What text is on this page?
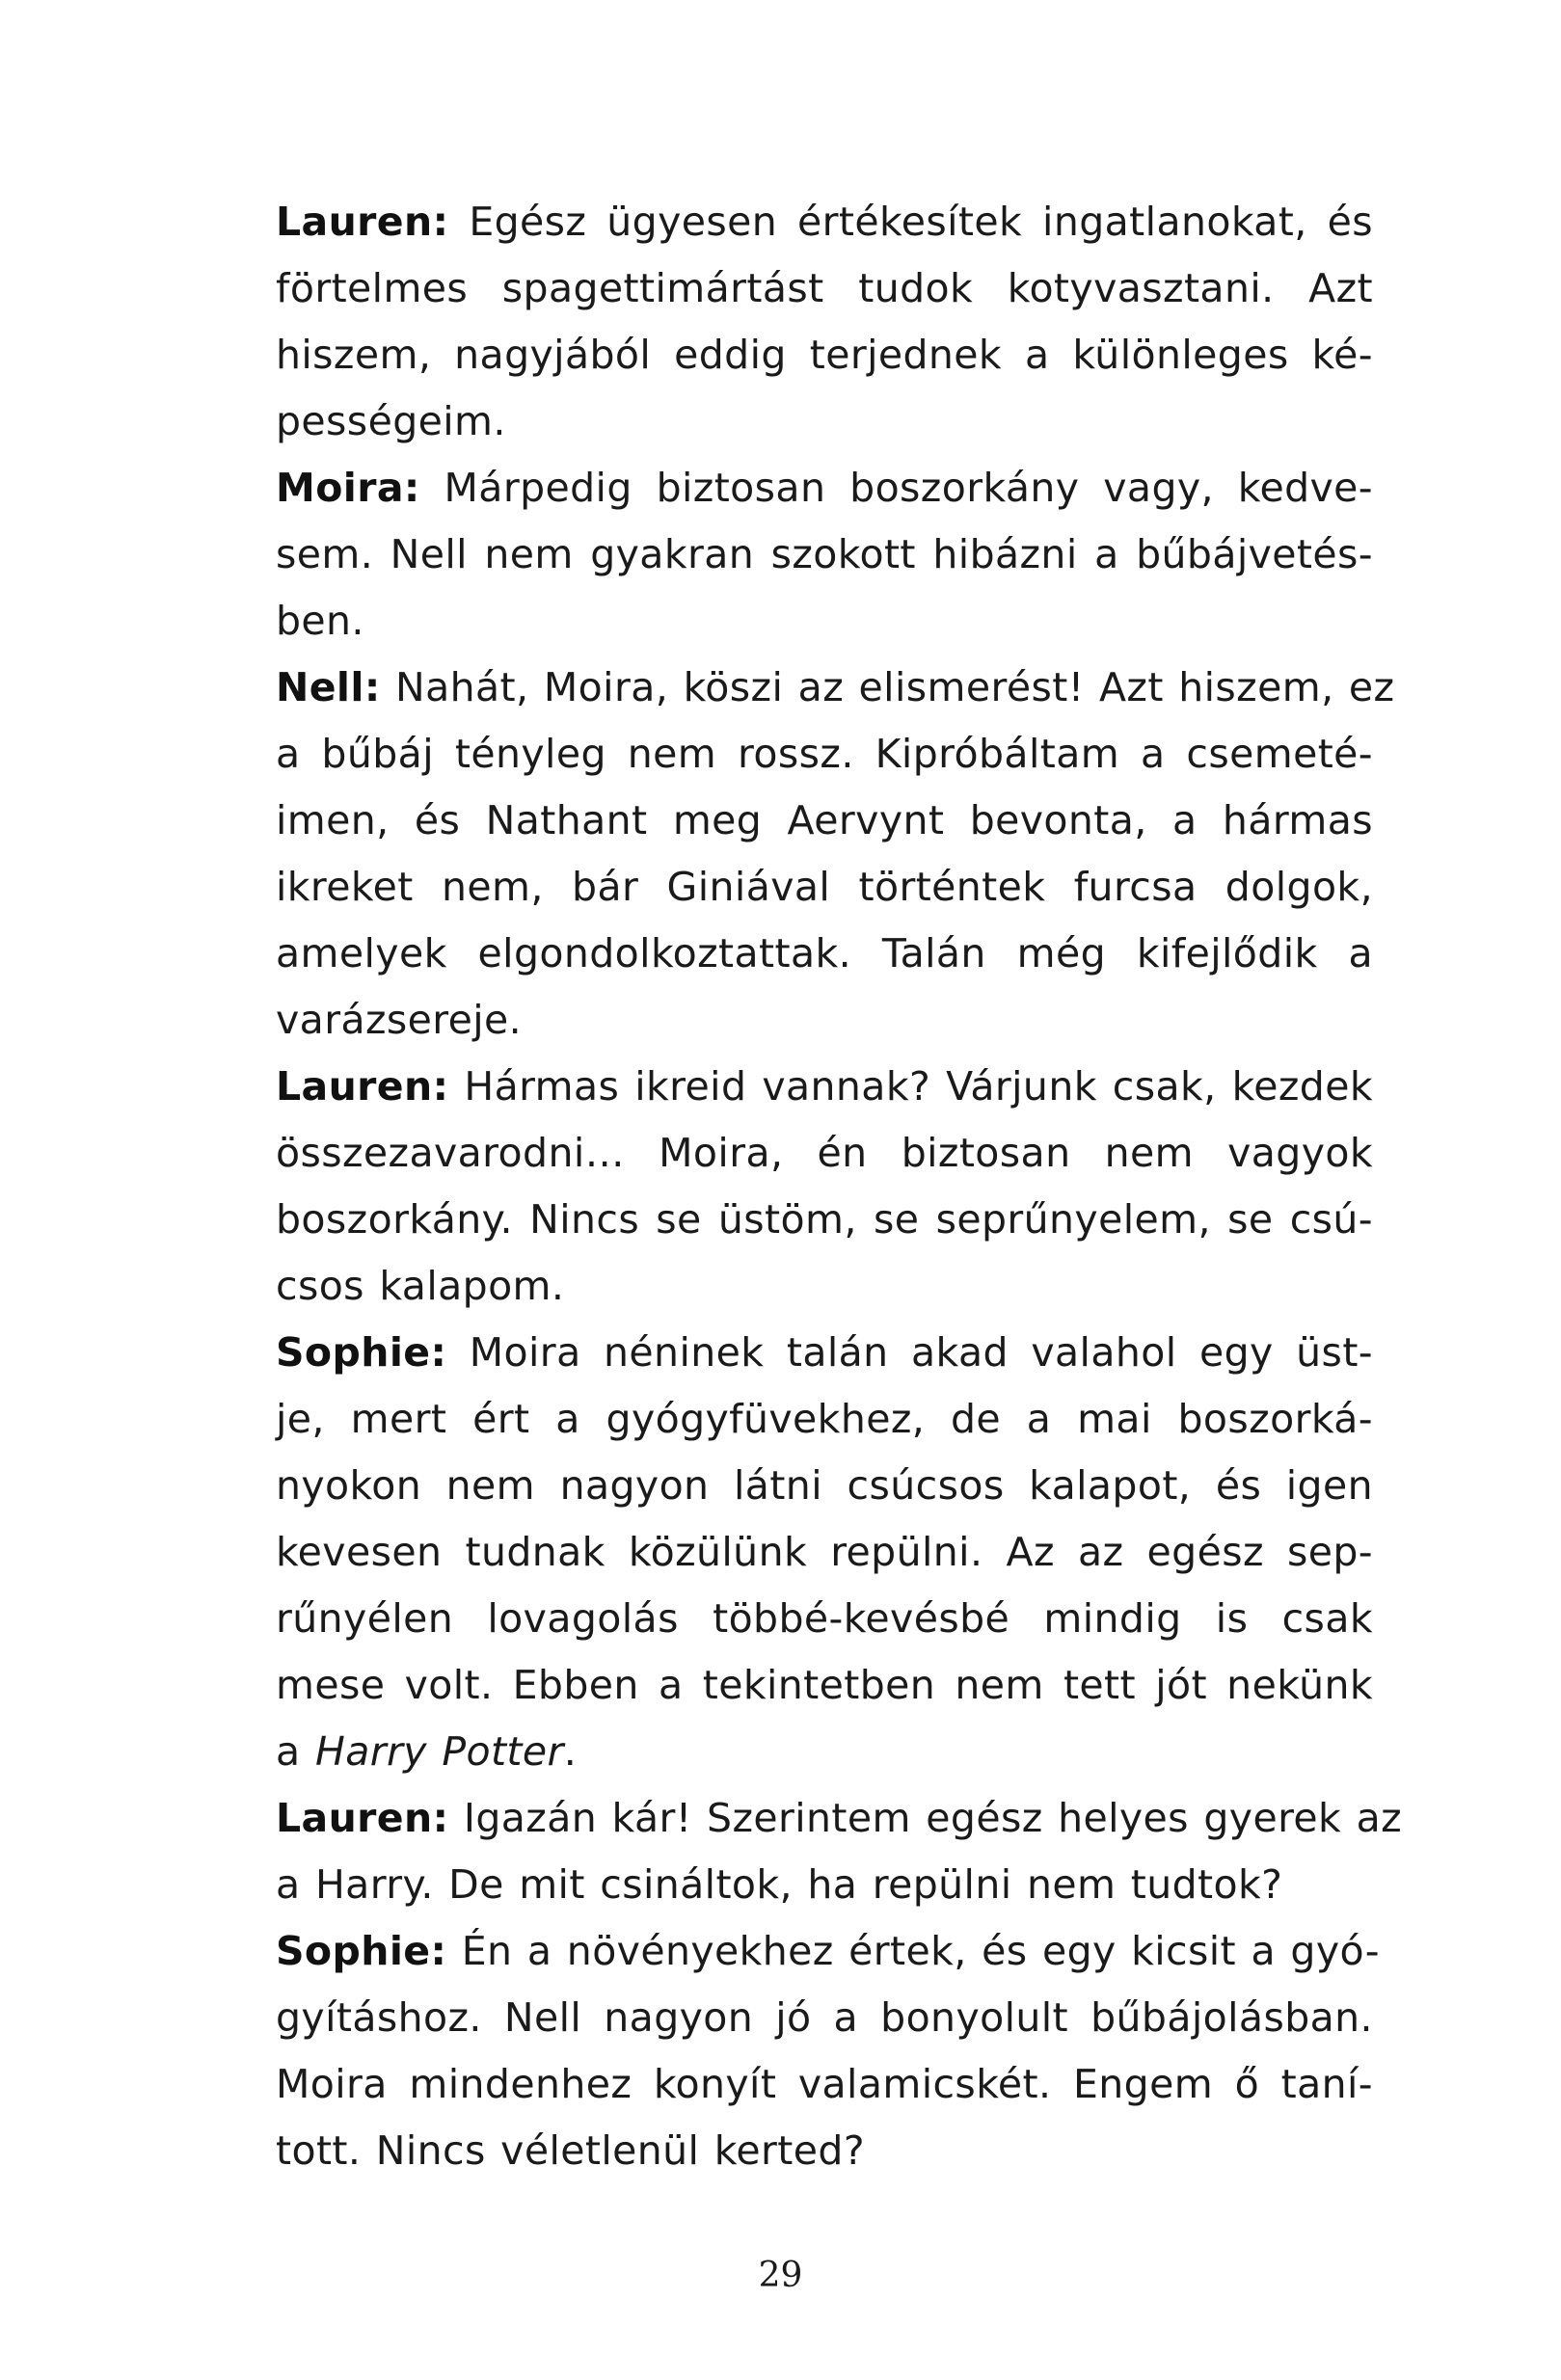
Lauren: Egész ügyesen értékesítek ingatlanokat, és
förtelmes spagettimártást tudok kotyvasztani. Azt
hiszem, nagyjából eddig terjednek a különleges ké-
pességeim.
Moira: Márpedig biztosan boszorkány vagy, kedve-
sem. Nell nem gyakran szokott hibázni a bűbájvetés-
ben.
Nell: Nahát, Moira, köszi az elismerést! Azt hiszem, ez
a bűbáj tényleg nem rossz. Kipróbáltam a csemeté-
imen, és Nathant meg Aervynt bevonta, a hármas
ikreket nem, bár Giniával történtek furcsa dolgok,
amelyek elgondolkoztattak. Talán még kifejlődik a
varázsereje.
Lauren: Hármas ikreid vannak? Várjunk csak, kezdek
összezavarodni… Moira, én biztosan nem vagyok
boszorkány. Nincs se üstöm, se seprűnyelem, se csú-
csos kalapom.
Sophie: Moira néninek talán akad valahol egy üst-
je, mert ért a gyógyfüvekhez, de a mai boszorká-
nyokon nem nagyon látni csúcsos kalapot, és igen
kevesen tudnak közülünk repülni. Az az egész sep-
rűnyélen lovagolás többé-kevésbé mindig is csak
mese volt. Ebben a tekintetben nem tett jót nekünk
a Harry Potter.
Lauren: Igazán kár! Szerintem egész helyes gyerek az
a Harry. De mit csináltok, ha repülni nem tudtok?
Sophie: Én a növényekhez értek, és egy kicsit a gyó-
gyításhoz. Nell nagyon jó a bonyolult bűbájolásban.
Moira mindenhez konyít valamicskét. Engem ő taní-
tott. Nincs véletlenül kerted?
29
